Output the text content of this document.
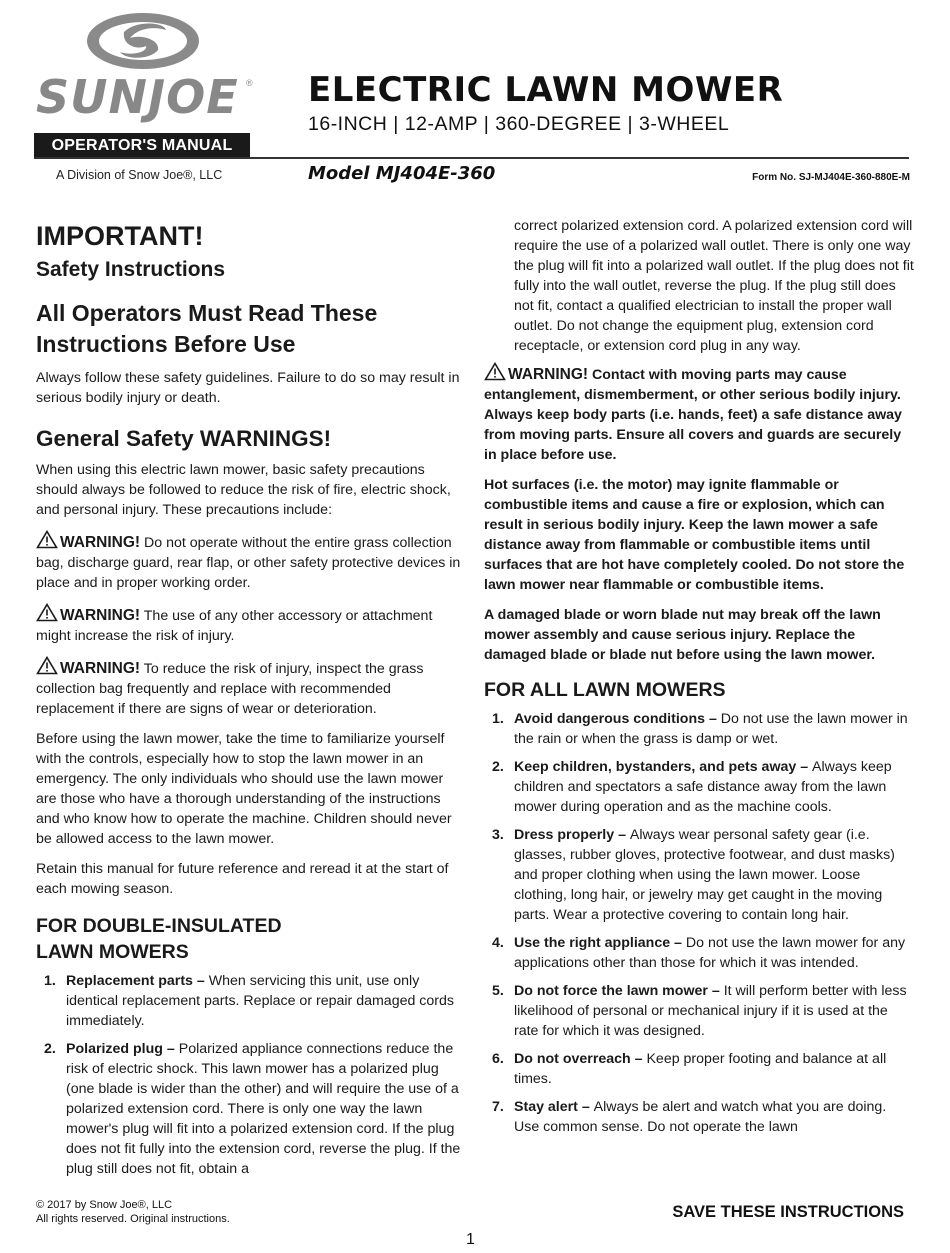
SUNJOE ®
OPERATOR'S MANUAL
A Division of Snow Joe®, LLC
ELECTRIC LAWN MOWER
16-INCH | 12-AMP | 360-DEGREE | 3-WHEEL
Model MJ404E-360	Form No. SJ-MJ404E-360-880E-M
IMPORTANT!
Safety Instructions
All Operators Must Read These
Instructions Before Use

Always follow these safety guidelines. Failure to do so may result in serious bodily injury or death.

General Safety WARNINGS!

When using this electric lawn mower, basic safety precautions should always be followed to reduce the risk of fire, electric shock, and personal injury. These precautions include:

WARNING! Do not operate without the entire grass collection bag, discharge guard, rear flap, or other safety protective devices in place and in proper working order.

WARNING! The use of any other accessory or attachment might increase the risk of injury.

WARNING! To reduce the risk of injury, inspect the grass collection bag frequently and replace with recommended replacement if there are signs of wear or deterioration.

Before using the lawn mower, take the time to familiarize yourself with the controls, especially how to stop the lawn mower in an emergency. The only individuals who should use the lawn mower are those who have a thorough understanding of the instructions and who know how to operate the machine. Children should never be allowed access to the lawn mower.

Retain this manual for future reference and reread it at the start of each mowing season.

FOR DOUBLE-INSULATED
LAWN MOWERS
1. Replacement parts – When servicing this unit, use only identical replacement parts. Replace or repair damaged cords immediately.
2. Polarized plug – Polarized appliance connections reduce the risk of electric shock. This lawn mower has a polarized plug (one blade is wider than the other) and will require the use of a polarized extension cord. There is only one way the lawn mower's plug will fit into a polarized extension cord. If the plug does not fit fully into the extension cord, reverse the plug. If the plug still does not fit, obtain a

correct polarized extension cord. A polarized extension cord will require the use of a polarized wall outlet. There is only one way the plug will fit into a polarized wall outlet. If the plug does not fit fully into the wall outlet, reverse the plug. If the plug still does not fit, contact a qualified electrician to install the proper wall outlet. Do not change the equipment plug, extension cord receptacle, or extension cord plug in any way.

WARNING! Contact with moving parts may cause entanglement, dismemberment, or other serious bodily injury. Always keep body parts (i.e. hands, feet) a safe distance away from moving parts. Ensure all covers and guards are securely in place before use.

Hot surfaces (i.e. the motor) may ignite flammable or combustible items and cause a fire or explosion, which can result in serious bodily injury. Keep the lawn mower a safe distance away from flammable or combustible items until surfaces that are hot have completely cooled. Do not store the lawn mower near flammable or combustible items.

A damaged blade or worn blade nut may break off the lawn mower assembly and cause serious injury. Replace the damaged blade or blade nut before using the lawn mower.

FOR ALL LAWN MOWERS
1. Avoid dangerous conditions – Do not use the lawn mower in the rain or when the grass is damp or wet.
2. Keep children, bystanders, and pets away – Always keep children and spectators a safe distance away from the lawn mower during operation and as the machine cools.
3. Dress properly – Always wear personal safety gear (i.e. glasses, rubber gloves, protective footwear, and dust masks) and proper clothing when using the lawn mower. Loose clothing, long hair, or jewelry may get caught in the moving parts. Wear a protective covering to contain long hair.
4. Use the right appliance – Do not use the lawn mower for any applications other than those for which it was intended.
5. Do not force the lawn mower – It will perform better with less likelihood of personal or mechanical injury if it is used at the rate for which it was designed.
6. Do not overreach – Keep proper footing and balance at all times.
7. Stay alert – Always be alert and watch what you are doing. Use common sense. Do not operate the lawn
© 2017 by Snow Joe®, LLC
All rights reserved. Original instructions.	SAVE THESE INSTRUCTIONS
1
